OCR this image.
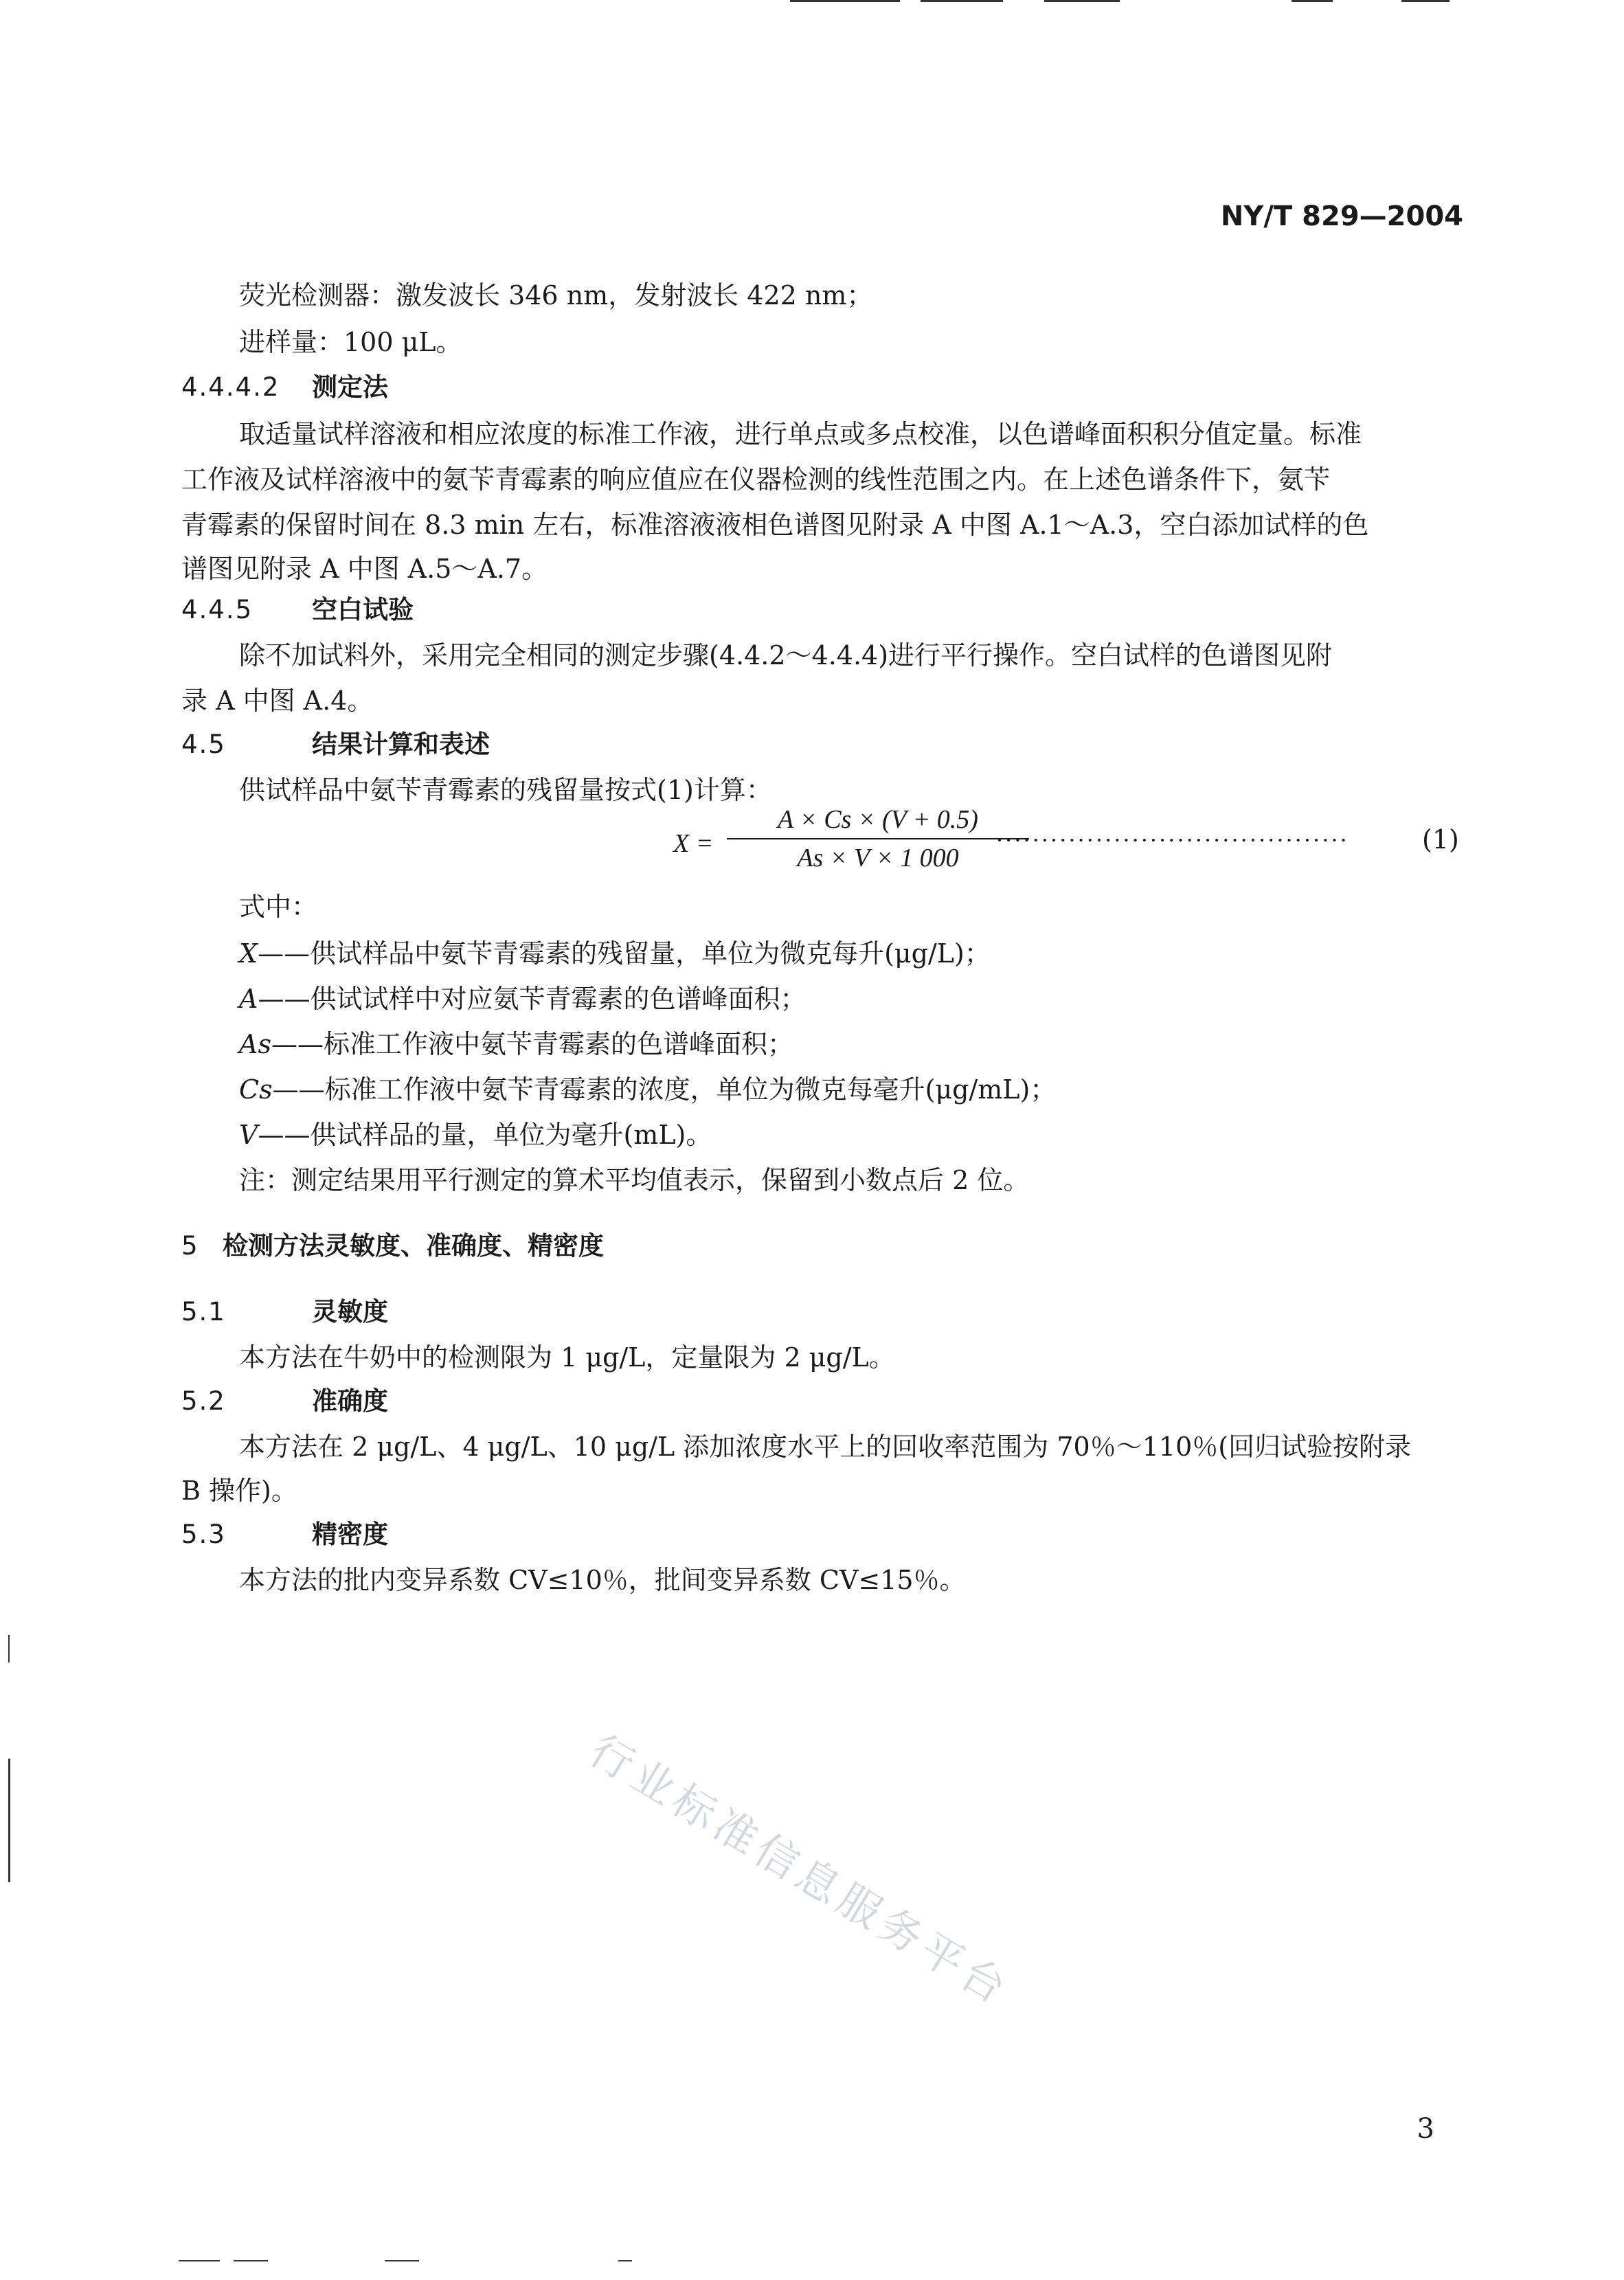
NY/T 829—2004
荧光检测器：激发波长 346 nm，发射波长 422 nm；
进样量：100 μL。
4.4.4.2 测定法
取适量试样溶液和相应浓度的标准工作液，进行单点或多点校准，以色谱峰面积积分值定量。标准
工作液及试样溶液中的氨苄青霉素的响应值应在仪器检测的线性范围之内。在上述色谱条件下，氨苄
青霉素的保留时间在 8.3 min 左右，标准溶液液相色谱图见附录 A 中图 A.1～A.3，空白添加试样的色
谱图见附录 A 中图 A.5～A.7。
4.4.5 空白试验
除不加试料外，采用完全相同的测定步骤(4.4.2～4.4.4)进行平行操作。空白试样的色谱图见附
录 A 中图 A.4。
4.5	结果计算和表述
供试样品中氨苄青霉素的残留量按式(1)计算：
X =
A × Cs × (V + 0.5)
As × V × 1 000
·······································	(1)
式中：
X——供试样品中氨苄青霉素的残留量，单位为微克每升(μg/L)；
A——供试试样中对应氨苄青霉素的色谱峰面积；
As——标准工作液中氨苄青霉素的色谱峰面积；
Cs——标准工作液中氨苄青霉素的浓度，单位为微克每毫升(μg/mL)；
V——供试样品的量，单位为毫升(mL)。
注：测定结果用平行测定的算术平均值表示，保留到小数点后 2 位。
5 检测方法灵敏度、准确度、精密度
5.1	灵敏度
本方法在牛奶中的检测限为 1 μg/L，定量限为 2 μg/L。
5.2	准确度
本方法在 2 μg/L、4 μg/L、10 μg/L 添加浓度水平上的回收率范围为 70％～110％(回归试验按附录
B 操作)。
5.3	精密度
本方法的批内变异系数 CV≤10％，批间变异系数 CV≤15％。
行业标准信息服务平台
3
